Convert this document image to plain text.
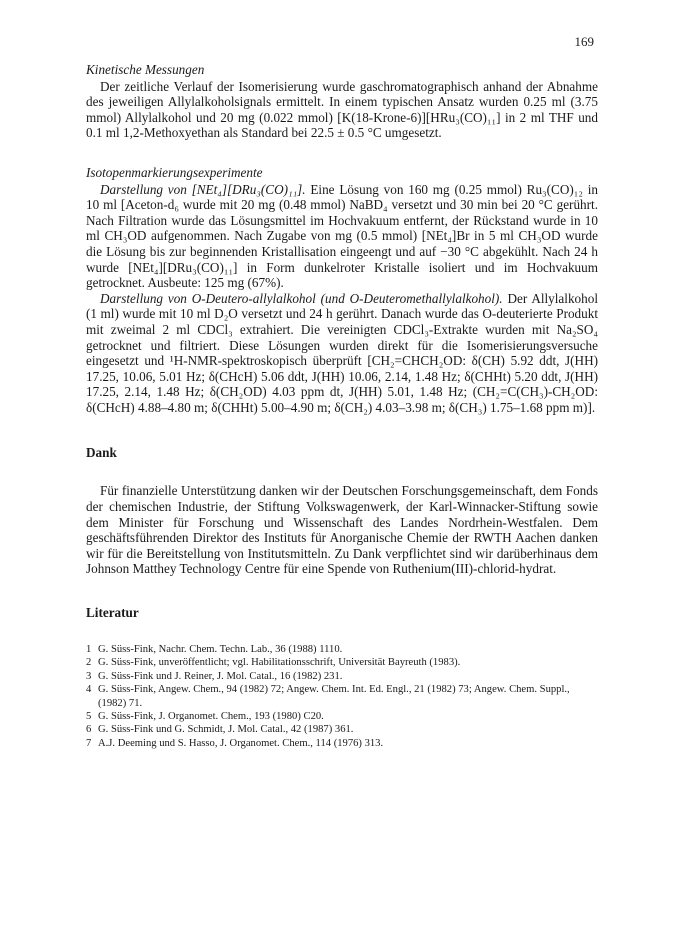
169

Kinetische Messungen

Der zeitliche Verlauf der Isomerisierung wurde gaschromatographisch anhand der Abnahme des jeweiligen Allylalkoholsignals ermittelt. In einem typischen Ansatz wurden 0.25 ml (3.75 mmol) Allylalkohol und 20 mg (0.022 mmol) [K(18-Krone-6)][HRu₃(CO)₁₁] in 2 ml THF und 0.1 ml 1,2-Methoxyethan als Standard bei 22.5 ± 0.5 °C umgesetzt.

Isotopenmarkierungsexperimente

Darstellung von [NEt₄][DRu₃(CO)₁₁]. Eine Lösung von 160 mg (0.25 mmol) Ru₃(CO)₁₂ in 10 ml [Aceton-d₆ wurde mit 20 mg (0.48 mmol) NaBD₄ versetzt und 30 min bei 20 °C gerührt. Nach Filtration wurde das Lösungsmittel im Hochvakuum entfernt, der Rückstand wurde in 10 ml CH₃OD aufgenommen. Nach Zugabe von mg (0.5 mmol) [NEt₄]Br in 5 ml CH₃OD wurde die Lösung bis zur beginnenden Kristallisation eingeengt und auf −30 °C abgekühlt. Nach 24 h wurde [NEt₄][DRu₃(CO)₁₁] in Form dunkelroter Kristalle isoliert und im Hochvakuum getrocknet. Ausbeute: 125 mg (67%).

Darstellung von O-Deutero-allylalkohol (und O-Deuteromethallylalkohol). Der Allylalkohol (1 ml) wurde mit 10 ml D₂O versetzt und 24 h gerührt. Danach wurde das O-deuterierte Produkt mit zweimal 2 ml CDCl₃ extrahiert. Die vereinigten CDCl₃-Extrakte wurden mit Na₂SO₄ getrocknet und filtriert. Diese Lösungen wurden direkt für die Isomerisierungsversuche eingesetzt und ¹H-NMR-spektroskopisch überprüft [CH₂=CHCH₂OD: δ(CH) 5.92 ddt, J(HH) 17.25, 10.06, 5.01 Hz; δ(CHcH) 5.06 ddt, J(HH) 10.06, 2.14, 1.48 Hz; δ(CHHt) 5.20 ddt, J(HH) 17.25, 2.14, 1.48 Hz; δ(CH₂OD) 4.03 ppm dt, J(HH) 5.01, 1.48 Hz; (CH₂=C(CH₃)-CH₂OD: δ(CHcH) 4.88–4.80 m; δ(CHHt) 5.00–4.90 m; δ(CH₂) 4.03–3.98 m; δ(CH₃) 1.75–1.68 ppm m)].

Dank

Für finanzielle Unterstützung danken wir der Deutschen Forschungsgemeinschaft, dem Fonds der chemischen Industrie, der Stiftung Volkswagenwerk, der Karl-Winnacker-Stiftung sowie dem Minister für Forschung und Wissenschaft des Landes Nordrhein-Westfalen. Dem geschäftsführenden Direktor des Instituts für Anorganische Chemie der RWTH Aachen danken wir für die Bereitstellung von Institutsmitteln. Zu Dank verpflichtet sind wir darüberhinaus dem Johnson Matthey Technology Centre für eine Spende von Ruthenium(III)-chlorid-hydrat.

Literatur

1 G. Süss-Fink, Nachr. Chem. Techn. Lab., 36 (1988) 1110.
2 G. Süss-Fink, unveröffentlicht; vgl. Habilitationsschrift, Universität Bayreuth (1983).
3 G. Süss-Fink und J. Reiner, J. Mol. Catal., 16 (1982) 231.
4 G. Süss-Fink, Angew. Chem., 94 (1982) 72; Angew. Chem. Int. Ed. Engl., 21 (1982) 73; Angew. Chem. Suppl., (1982) 71.
5 G. Süss-Fink, J. Organomet. Chem., 193 (1980) C20.
6 G. Süss-Fink und G. Schmidt, J. Mol. Catal., 42 (1987) 361.
7 A.J. Deeming und S. Hasso, J. Organomet. Chem., 114 (1976) 313.
